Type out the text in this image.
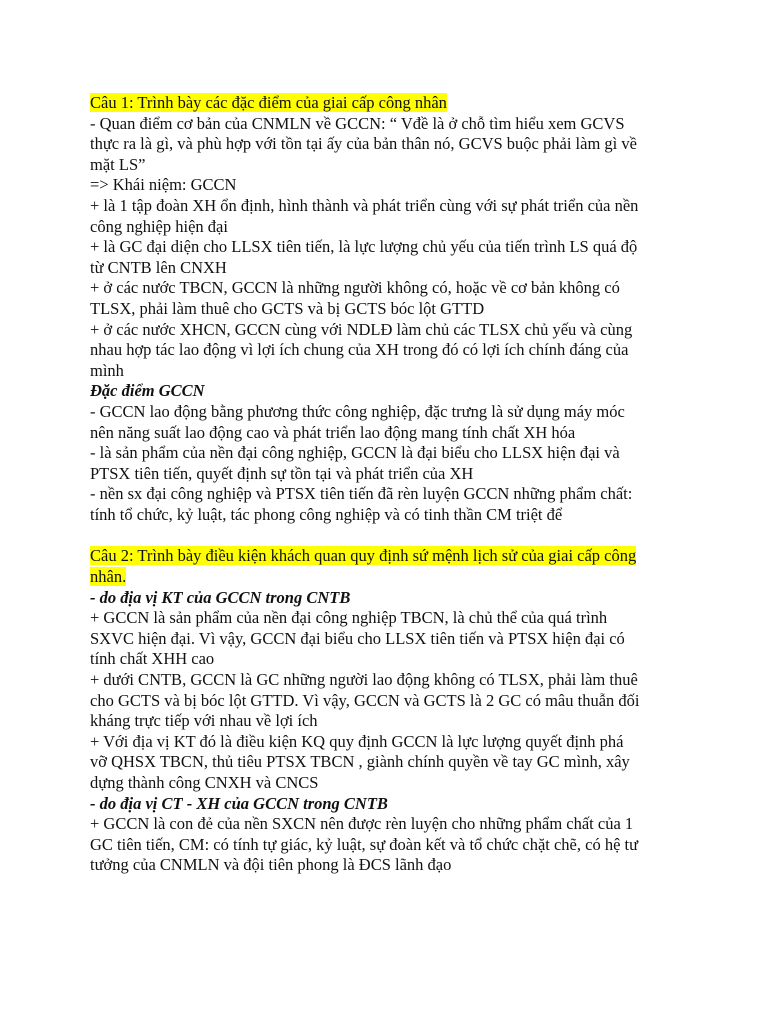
Câu 1: Trình bày các đặc điểm của giai cấp công nhân
- Quan điểm cơ bản của CNMLN về GCCN: “ Vđề là ở chỗ tìm hiểu xem GCVS
thực ra là gì, và phù hợp với tồn tại ấy của bản thân nó, GCVS buộc phải làm gì về
mặt LS”
=> Khái niệm: GCCN
+ là 1 tập đoàn XH ổn định, hình thành và phát triển cùng với sự phát triển của nền
công nghiệp hiện đại
+ là GC đại diện cho LLSX tiên tiến, là lực lượng chủ yếu của tiến trình LS quá độ
từ CNTB lên CNXH
+ ở các nước TBCN, GCCN là những người không có, hoặc về cơ bản không có
TLSX, phải làm thuê cho GCTS và bị GCTS bóc lột GTTD
+ ở các nước XHCN, GCCN cùng với NDLĐ làm chủ các TLSX chủ yếu và cùng
nhau hợp tác lao động vì lợi ích chung của XH trong đó có lợi ích chính đáng của
mình
Đặc điểm GCCN
- GCCN lao động bằng phương thức công nghiệp, đặc trưng là sử dụng máy móc
nên năng suất lao động cao và phát triển lao động mang tính chất XH hóa
- là sản phẩm của nền đại công nghiệp, GCCN là đại biểu cho LLSX hiện đại và
PTSX tiên tiến, quyết định sự tồn tại và phát triển của XH
- nền sx đại công nghiệp và PTSX tiên tiến đã rèn luyện GCCN những phẩm chất:
tính tổ chức, kỷ luật, tác phong công nghiệp và có tinh thần CM triệt để
Câu 2: Trình bày điều kiện khách quan quy định sứ mệnh lịch sử của giai cấp công
nhân.
- do địa vị KT của GCCN trong CNTB
+ GCCN là sản phẩm của nền đại công nghiệp TBCN, là chủ thể của quá trình
SXVC hiện đại. Vì vậy, GCCN đại biểu cho LLSX tiên tiến và PTSX hiện đại có
tính chất XHH cao
+ dưới CNTB, GCCN là GC những người lao động không có TLSX, phải làm thuê
cho GCTS và bị bóc lột GTTD. Vì vậy, GCCN và GCTS là 2 GC có mâu thuẫn đối
kháng trực tiếp với nhau về lợi ích
+ Với địa vị KT đó là điều kiện KQ quy định GCCN là lực lượng quyết định phá
vỡ QHSX TBCN, thủ tiêu PTSX TBCN , giành chính quyền về tay GC mình, xây
dựng thành công CNXH và CNCS
- do địa vị CT - XH của GCCN trong CNTB
+ GCCN là con đẻ của nền SXCN nên được rèn luyện cho những phẩm chất của 1
GC tiên tiến, CM: có tính tự giác, kỷ luật, sự đoàn kết và tổ chức chặt chẽ, có hệ tư
tưởng của CNMLN và đội tiên phong là ĐCS lãnh đạo
